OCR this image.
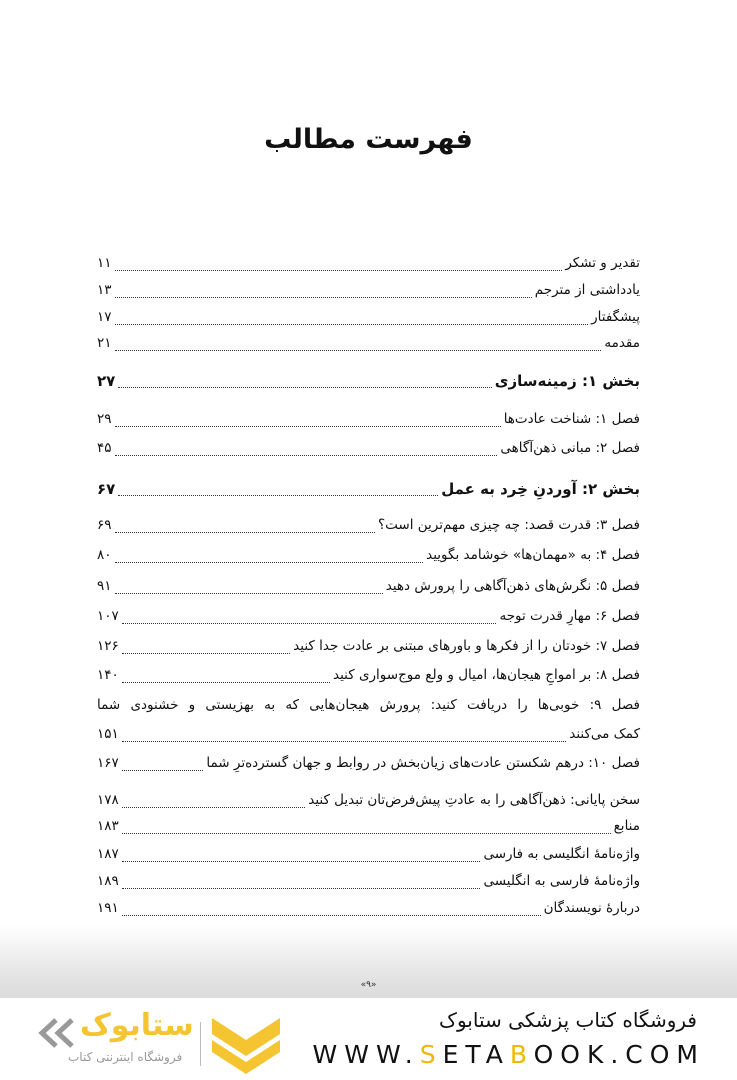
فهرست مطالب
تقدیر و تشکر
۱۱
یادداشتی از مترجم
۱۳
پیشگفتار
۱۷
مقدمه
۲۱
بخش ۱: زمینه‌سازی
۲۷
فصل ۱: شناخت عادت‌ها
۲۹
فصل ۲: مبانی ذهن‌آگاهی
۴۵
بخش ۲: آوردنِ خِرد به عمل
۶۷
فصل ۳: قدرت قصد: چه چیزی مهم‌ترین است؟
۶۹
فصل ۴: به «مهمان‌ها» خوشامد بگویید
۸۰
فصل ۵: نگرش‌های ذهن‌آگاهی را پرورش دهید
۹۱
فصل ۶: مهارِ قدرت توجه
۱۰۷
فصل ۷: خودتان را از فکرها و باورهای مبتنی بر عادت جدا کنید
۱۲۶
فصل ۸: بر امواجِ هیجان‌ها، امیال و ولع موج‌سواری کنید
۱۴۰
کمک می‌کنند
۱۵۱
فصل ۱۰: درهم شکستن عادت‌های زیان‌بخش در روابط و جهان گسترده‌ترِ شما
۱۶۷
سخن پایانی: ذهن‌آگاهی را به عادتِ پیش‌فرض‌تان تبدیل کنید
۱۷۸
منابع
۱۸۳
واژه‌نامهٔ انگلیسی به فارسی
۱۸۷
واژه‌نامهٔ فارسی به انگلیسی
۱۸۹
دربارهٔ نویسندگان
۱۹۱
فصل ۹: خوبی‌ها را دریافت کنید: پرورش هیجان‌هایی که به بهزیستی و خشنودی شما
«۹»
فروشگاه کتاب پزشکی ستابوک
WWW.SETABOOK.COM
ستابوک
فروشگاه اینترنتی کتاب
